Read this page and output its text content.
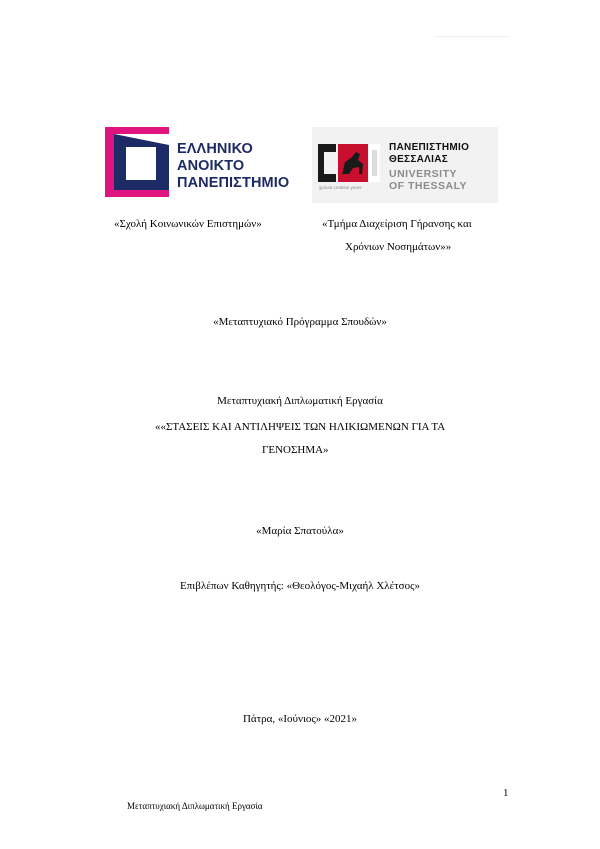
ΕΛΛΗΝΙΚΟ
ΑΝΟΙΚΤΟ
ΠΑΝΕΠΙΣΤΗΜΙΟ	χρόνια creative years
ΠΑΝΕΠΙΣΤΗΜΙΟ
ΘΕΣΣΑΛΙΑΣ
UNIVERSITY
OF THESSALY
«Σχολή Κοινωνικών Επιστημών»	«Τμήμα Διαχείριση Γήρανσης και
Χρόνιων Νοσημάτων»»
«Μεταπτυχιακό Πρόγραμμα Σπουδών»
Μεταπτυχιακή Διπλωματική Εργασία
««ΣΤΑΣΕΙΣ ΚΑΙ ΑΝΤΙΛΗΨΕΙΣ ΤΩΝ ΗΛΙΚΙΩΜΕΝΩΝ ΓΙΑ ΤΑ
ΓΕΝΟΣΗΜΑ»
«Μαρία Σπατούλα»
Επιβλέπων Καθηγητής: «Θεολόγος-Μιχαήλ Χλέτσος»
Πάτρα, «Ιούνιος» «2021»
1
Μεταπτυχιακή Διπλωματική Εργασία
